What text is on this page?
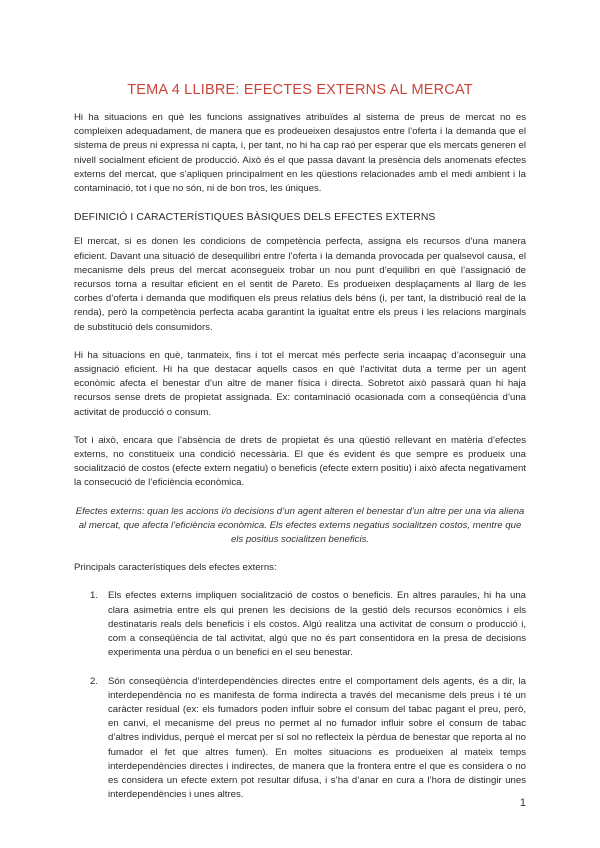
TEMA 4 LLIBRE: EFECTES EXTERNS AL MERCAT

Hi ha situacions en què les funcions assignatives atribuïdes al sistema de preus de mercat no es compleixen adequadament, de manera que es prodeueixen desajustos entre l’oferta i la demanda que el sistema de preus ni expressa ni capta, i, per tant, no hi ha cap raó per esperar que els mercats generen el nivell socialment eficient de producció. Això és el que passa davant la presència dels anomenats efectes externs del mercat, que s’apliquen principalment en les qüestions relacionades amb el medi ambient i la contaminació, tot i que no són, ni de bon tros, les úniques.

DEFINICIÓ I CARACTERÍSTIQUES BÀSIQUES DELS EFECTES EXTERNS

El mercat, si es donen les condicions de competència perfecta, assigna els recursos d’una manera eficient. Davant una situació de desequilibri entre l’oferta i la demanda provocada per qualsevol causa, el mecanisme dels preus del mercat aconsegueix trobar un nou punt d’equilibri en què l’assignació de recursos torna a resultar eficient en el sentit de Pareto. Es produeixen desplaçaments al llarg de les corbes d’oferta i demanda que modifiquen els preus relatius dels béns (i, per tant, la distribució real de la renda), però la competència perfecta acaba garantint la igualtat entre els preus i les relacions marginals de substitució dels consumidors.

Hi ha situacions en què, tanmateix, fins i tot el mercat més perfecte seria incaapaç d’aconseguir una assignació eficient. Hi ha que destacar aquells casos en què l’activitat duta a terme per un agent econòmic afecta el benestar d’un altre de maner física i directa. Sobretot això passarà quan hi haja recursos sense drets de propietat assignada. Ex: contaminació ocasionada com a conseqüència d’una activitat de producció o consum.

Tot i això, encara que l’absència de drets de propietat és una qüestió rellevant en matèria d’efectes externs, no constitueix una condició necessària. El que és evident és que sempre es produeix una socialització de costos (efecte extern negatiu) o beneficis (efecte extern positiu) i això afecta negativament la consecució de l’eficiència econòmica.

Efectes externs: quan les accions i/o decisions d’un agent alteren el benestar d’un altre per una via aliena al mercat, que afecta l’eficiència econòmica. Els efectes externs negatius socialitzen costos, mentre que els positius socialitzen beneficis.

Principals característiques dels efectes externs:

1. Els efectes externs impliquen socialització de costos o beneficis. En altres paraules, hi ha una clara asimetria entre els qui prenen les decisions de la gestió dels recursos econòmics i els destinataris reals dels beneficis i els costos. Algú realitza una activitat de consum o producció i, com a conseqüència de tal activitat, algú que no és part consentidora en la presa de decisions experimenta una pèrdua o un benefici en el seu benestar.

2. Són conseqüència d’interdependències directes entre el comportament dels agents, és a dir, la interdependència no es manifesta de forma indirecta a través del mecanisme dels preus i té un caràcter residual (ex: els fumadors poden influir sobre el consum del tabac pagant el preu, però, en canvi, el mecanisme del preus no permet al no fumador influir sobre el consum de tabac d’altres individus, perquè el mercat per sí sol no reflecteix la pèrdua de benestar que reporta al no fumador el fet que altres fumen). En moltes situacions es produeixen al mateix temps interdependències directes i indirectes, de manera que la frontera entre el que es considera o no es considera un efecte extern pot resultar difusa, i s’ha d’anar en cura a l’hora de distingir unes interdependències i unes altres.

1
